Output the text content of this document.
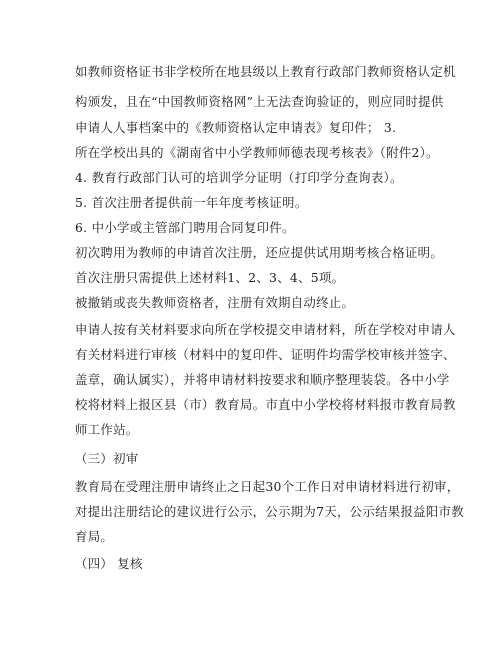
如教师资格证书非学校所在地县级以上教育行政部门教师资格认定机
构颁发，且在“中国教师资格网”上无法查询验证的，则应同时提供
申请人人事档案中的《教师资格认定申请表》复印件； 3.
所在学校出具的《湖南省中小学教师师德表现考核表》（附件2）。
4. 教育行政部门认可的培训学分证明（打印学分查询表）。
5. 首次注册者提供前一年年度考核证明。
6. 中小学或主管部门聘用合同复印件。
初次聘用为教师的申请首次注册，还应提供试用期考核合格证明。
首次注册只需提供上述材料1、2、3、4、5项。
被撤销或丧失教师资格者，注册有效期自动终止。
申请人按有关材料要求向所在学校提交申请材料，所在学校对申请人
有关材料进行审核（材料中的复印件、证明件均需学校审核并签字、
盖章，确认属实），并将申请材料按要求和顺序整理装袋。各中小学
校将材料上报区县（市）教育局。市直中小学校将材料报市教育局教
师工作站。
（三）初审
教育局在受理注册申请终止之日起30个工作日对申请材料进行初审，
对提出注册结论的建议进行公示，公示期为7天，公示结果报益阳市教
育局。
（四） 复核
